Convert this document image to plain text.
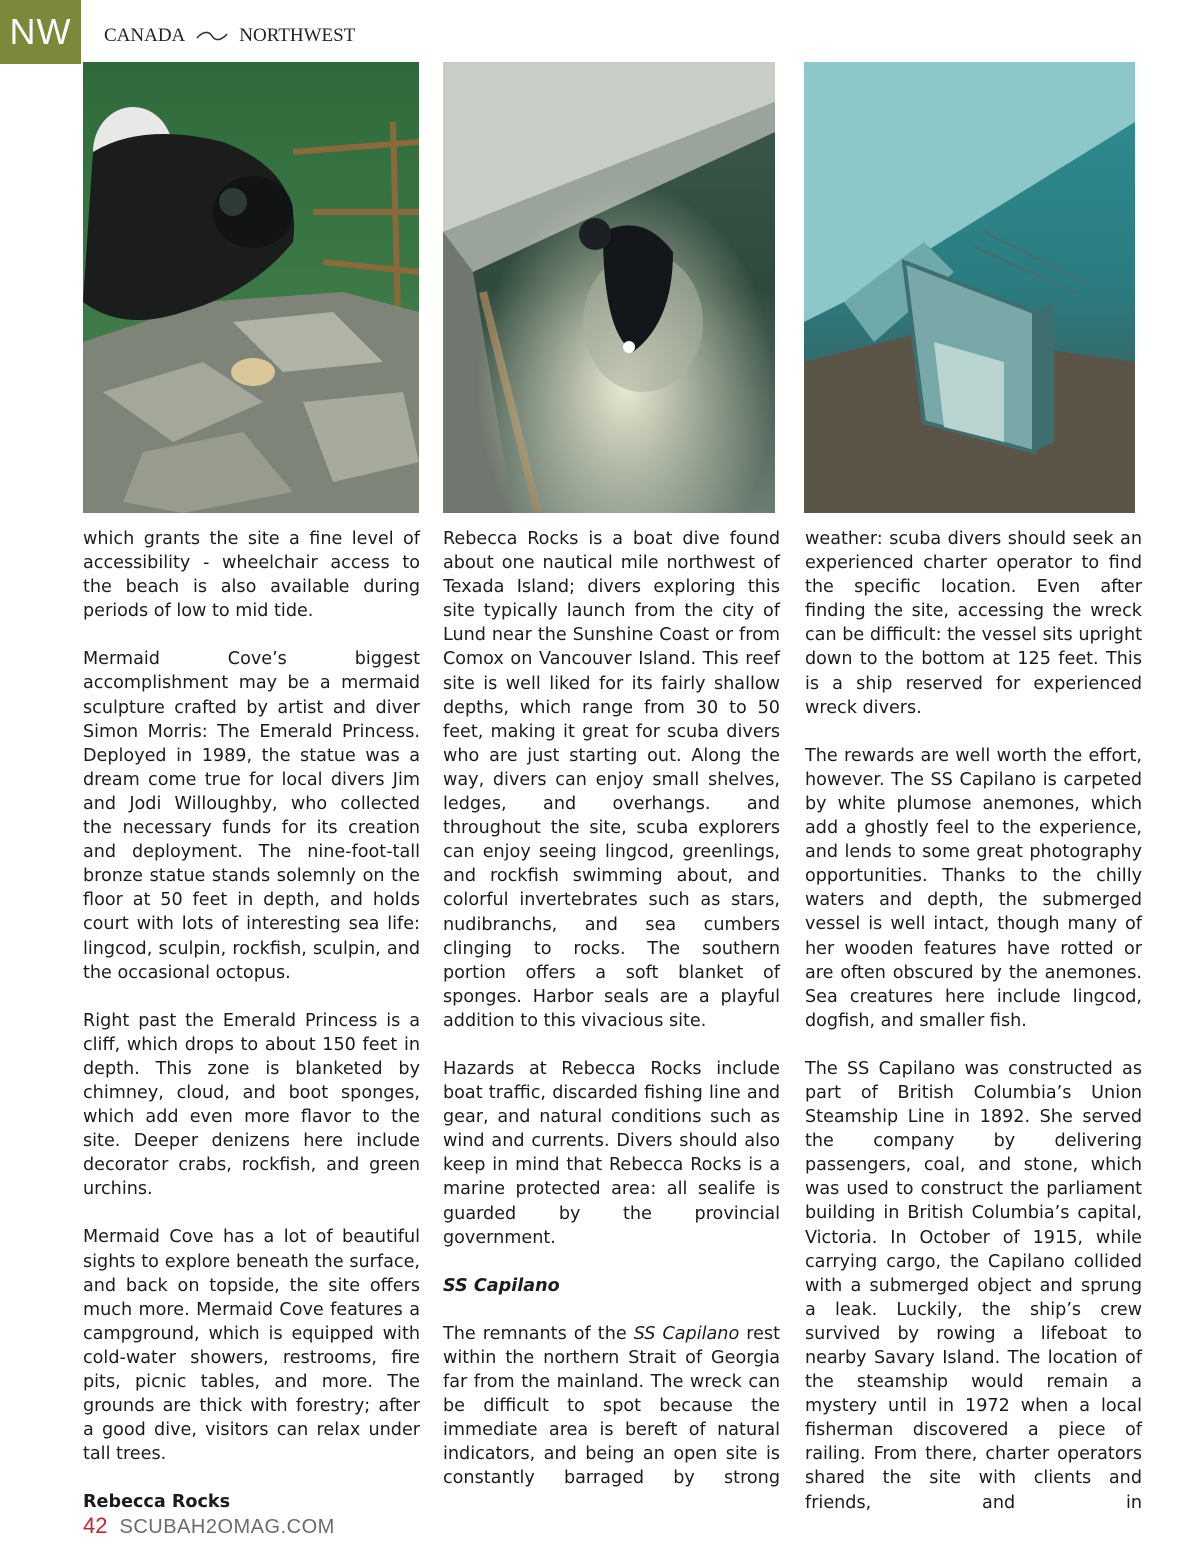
NW	CANADA	NORTHWEST

which grants the site a fine level of accessibility - wheelchair access to the beach is also available during periods of low to mid tide.

Mermaid Cove’s biggest accomplishment may be a mermaid sculpture crafted by artist and diver Simon Morris: The Emerald Princess. Deployed in 1989, the statue was a dream come true for local divers Jim and Jodi Willoughby, who collected the necessary funds for its creation and deployment. The nine-foot-tall bronze statue stands solemnly on the floor at 50 feet in depth, and holds court with lots of interesting sea life: lingcod, sculpin, rockfish, sculpin, and the occasional octopus.

Right past the Emerald Princess is a cliff, which drops to about 150 feet in depth. This zone is blanketed by chimney, cloud, and boot sponges, which add even more flavor to the site. Deeper denizens here include decorator crabs, rockfish, and green urchins.

Mermaid Cove has a lot of beautiful sights to explore beneath the surface, and back on topside, the site offers much more. Mermaid Cove features a campground, which is equipped with cold-water showers, restrooms, fire pits, picnic tables, and more. The grounds are thick with forestry; after a good dive, visitors can relax under tall trees.

Rebecca Rocks

Rebecca Rocks is a boat dive found about one nautical mile northwest of Texada Island; divers exploring this site typically launch from the city of Lund near the Sunshine Coast or from Comox on Vancouver Island. This reef site is well liked for its fairly shallow depths, which range from 30 to 50 feet, making it great for scuba divers who are just starting out. Along the way, divers can enjoy small shelves, ledges, and overhangs. and throughout the site, scuba explorers can enjoy seeing lingcod, greenlings, and rockfish swimming about, and colorful invertebrates such as stars, nudibranchs, and sea cumbers clinging to rocks. The southern portion offers a soft blanket of sponges. Harbor seals are a playful addition to this vivacious site.

Hazards at Rebecca Rocks include boat traffic, discarded fishing line and gear, and natural conditions such as wind and currents. Divers should also keep in mind that Rebecca Rocks is a marine protected area: all sealife is guarded by the provincial government.

SS Capilano

The remnants of the SS Capilano rest within the northern Strait of Georgia far from the mainland. The wreck can be difficult to spot because the immediate area is bereft of natural indicators, and being an open site is constantly barraged by strong

weather: scuba divers should seek an experienced charter operator to find the specific location. Even after finding the site, accessing the wreck can be difficult: the vessel sits upright down to the bottom at 125 feet. This is a ship reserved for experienced wreck divers.

The rewards are well worth the effort, however. The SS Capilano is carpeted by white plumose anemones, which add a ghostly feel to the experience, and lends to some great photography opportunities. Thanks to the chilly waters and depth, the submerged vessel is well intact, though many of her wooden features have rotted or are often obscured by the anemones. Sea creatures here include lingcod, dogfish, and smaller fish.

The SS Capilano was constructed as part of British Columbia’s Union Steamship Line in 1892. She served the company by delivering passengers, coal, and stone, which was used to construct the parliament building in British Columbia’s capital, Victoria. In October of 1915, while carrying cargo, the Capilano collided with a submerged object and sprung a leak. Luckily, the ship’s crew survived by rowing a lifeboat to nearby Savary Island. The location of the steamship would remain a mystery until in 1972 when a local fisherman discovered a piece of railing. From there, charter operators shared the site with clients and friends, and in

42 SCUBAH2OMAG.COM
